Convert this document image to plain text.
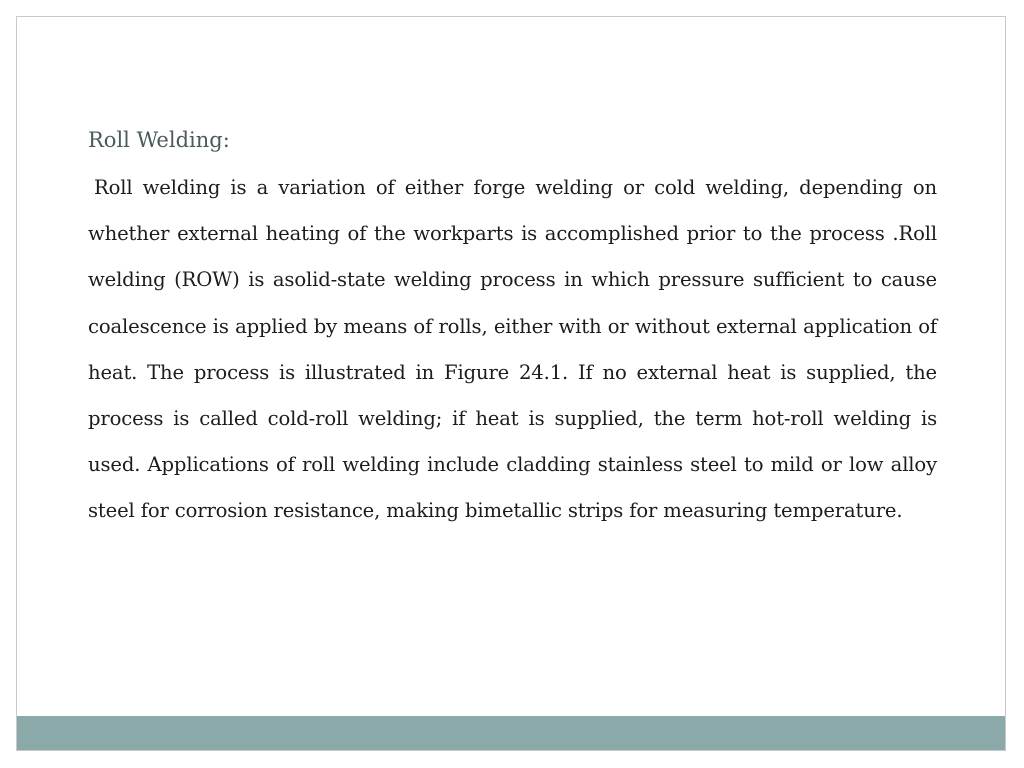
Roll Welding:

Roll welding is a variation of either forge welding or cold welding, depending on whether external heating of the workparts is accomplished prior to the process .Roll welding (ROW) is asolid-state welding process in which pressure sufficient to cause coalescence is applied by means of rolls, either with or without external application of heat. The process is illustrated in Figure 24.1. If no external heat is supplied, the process is called cold-roll welding; if heat is supplied, the term hot-roll welding is used. Applications of roll welding include cladding stainless steel to mild or low alloy steel for corrosion resistance, making bimetallic strips for measuring temperature.
